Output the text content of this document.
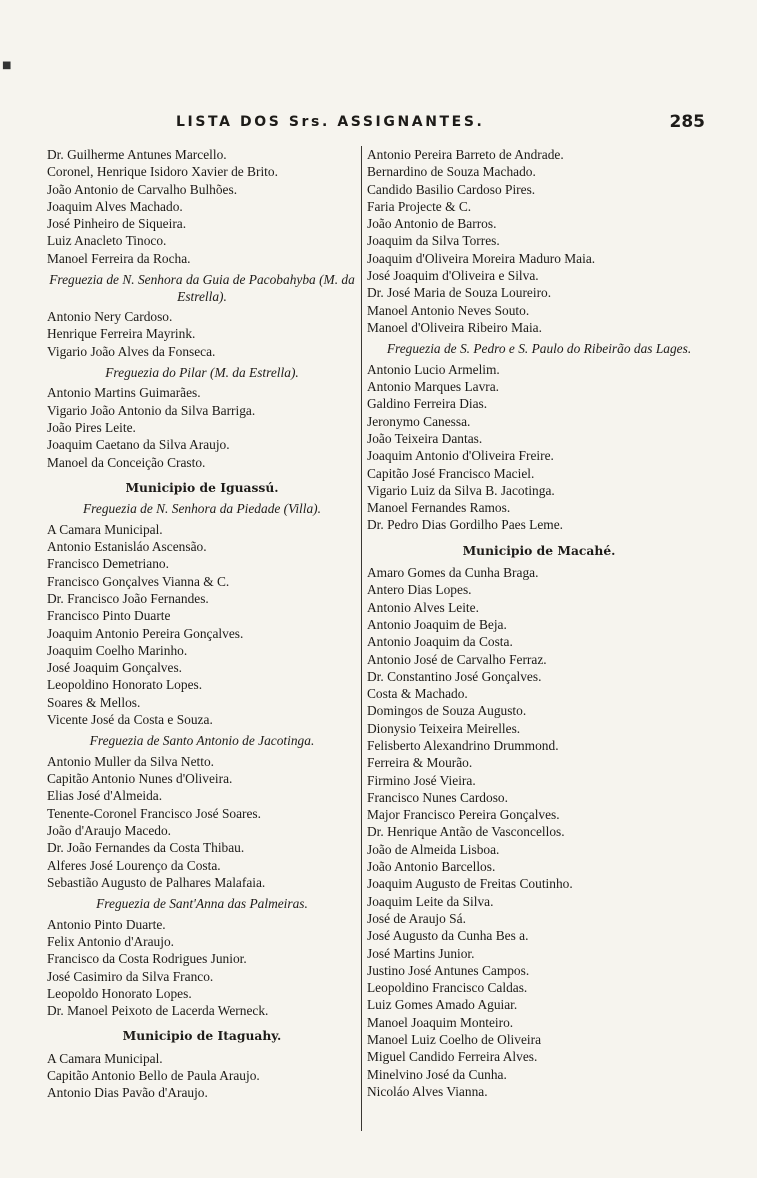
LISTA DOS Srs. ASSIGNANTES.	285
Dr. Guilherme Antunes Marcello.
Coronel, Henrique Isidoro Xavier de Brito.
João Antonio de Carvalho Bulhões.
Joaquim Alves Machado.
José Pinheiro de Siqueira.
Luiz Anacleto Tinoco.
Manoel Ferreira da Rocha.
Freguezia de N. Senhora da Guia de Pacobahyba (M. da Estrella).
Antonio Nery Cardoso.
Henrique Ferreira Mayrink.
Vigario João Alves da Fonseca.
Freguezia do Pilar (M. da Estrella).
Antonio Martins Guimarães.
Vigario João Antonio da Silva Barriga.
João Pires Leite.
Joaquim Caetano da Silva Araujo.
Manoel da Conceição Crasto.
Municipio de Iguassú.
Freguezia de N. Senhora da Piedade (Villa).
A Camara Municipal.
Antonio Estanisláo Ascensão.
Francisco Demetriano.
Francisco Gonçalves Vianna & C.
Dr. Francisco João Fernandes.
Francisco Pinto Duarte
Joaquim Antonio Pereira Gonçalves.
Joaquim Coelho Marinho.
José Joaquim Gonçalves.
Leopoldino Honorato Lopes.
Soares & Mellos.
Vicente José da Costa e Souza.
Freguezia de Santo Antonio de Jacotinga.
Antonio Muller da Silva Netto.
Capitão Antonio Nunes d'Oliveira.
Elias José d'Almeida.
Tenente-Coronel Francisco José Soares.
João d'Araujo Macedo.
Dr. João Fernandes da Costa Thibau.
Alferes José Lourenço da Costa.
Sebastião Augusto de Palhares Malafaia.
Freguezia de Sant'Anna das Palmeiras.
Antonio Pinto Duarte.
Felix Antonio d'Araujo.
Francisco da Costa Rodrigues Junior.
José Casimiro da Silva Franco.
Leopoldo Honorato Lopes.
Dr. Manoel Peixoto de Lacerda Werneck.
Municipio de Itaguahy.
A Camara Municipal.
Capitão Antonio Bello de Paula Araujo.
Antonio Dias Pavão d'Araujo.
Antonio Pereira Barreto de Andrade.
Bernardino de Souza Machado.
Candido Basilio Cardoso Pires.
Faria Projecte & C.
João Antonio de Barros.
Joaquim da Silva Torres.
Joaquim d'Oliveira Moreira Maduro Maia.
José Joaquim d'Oliveira e Silva.
Dr. José Maria de Souza Loureiro.
Manoel Antonio Neves Souto.
Manoel d'Oliveira Ribeiro Maia.
Freguezia de S. Pedro e S. Paulo do Ribeirão das Lages.
Antonio Lucio Armelim.
Antonio Marques Lavra.
Galdino Ferreira Dias.
Jeronymo Canessa.
João Teixeira Dantas.
Joaquim Antonio d'Oliveira Freire.
Capitão José Francisco Maciel.
Vigario Luiz da Silva B. Jacotinga.
Manoel Fernandes Ramos.
Dr. Pedro Dias Gordilho Paes Leme.
Municipio de Macahé.
Amaro Gomes da Cunha Braga.
Antero Dias Lopes.
Antonio Alves Leite.
Antonio Joaquim de Beja.
Antonio Joaquim da Costa.
Antonio José de Carvalho Ferraz.
Dr. Constantino José Gonçalves.
Costa & Machado.
Domingos de Souza Augusto.
Dionysio Teixeira Meirelles.
Felisberto Alexandrino Drummond.
Ferreira & Mourão.
Firmino José Vieira.
Francisco Nunes Cardoso.
Major Francisco Pereira Gonçalves.
Dr. Henrique Antão de Vasconcellos.
João de Almeida Lisboa.
João Antonio Barcellos.
Joaquim Augusto de Freitas Coutinho.
Joaquim Leite da Silva.
José de Araujo Sá.
José Augusto da Cunha Bes a.
José Martins Junior.
Justino José Antunes Campos.
Leopoldino Francisco Caldas.
Luiz Gomes Amado Aguiar.
Manoel Joaquim Monteiro.
Manoel Luiz Coelho de Oliveira
Miguel Candido Ferreira Alves.
Minelvino José da Cunha.
Nicoláo Alves Vianna.
■
